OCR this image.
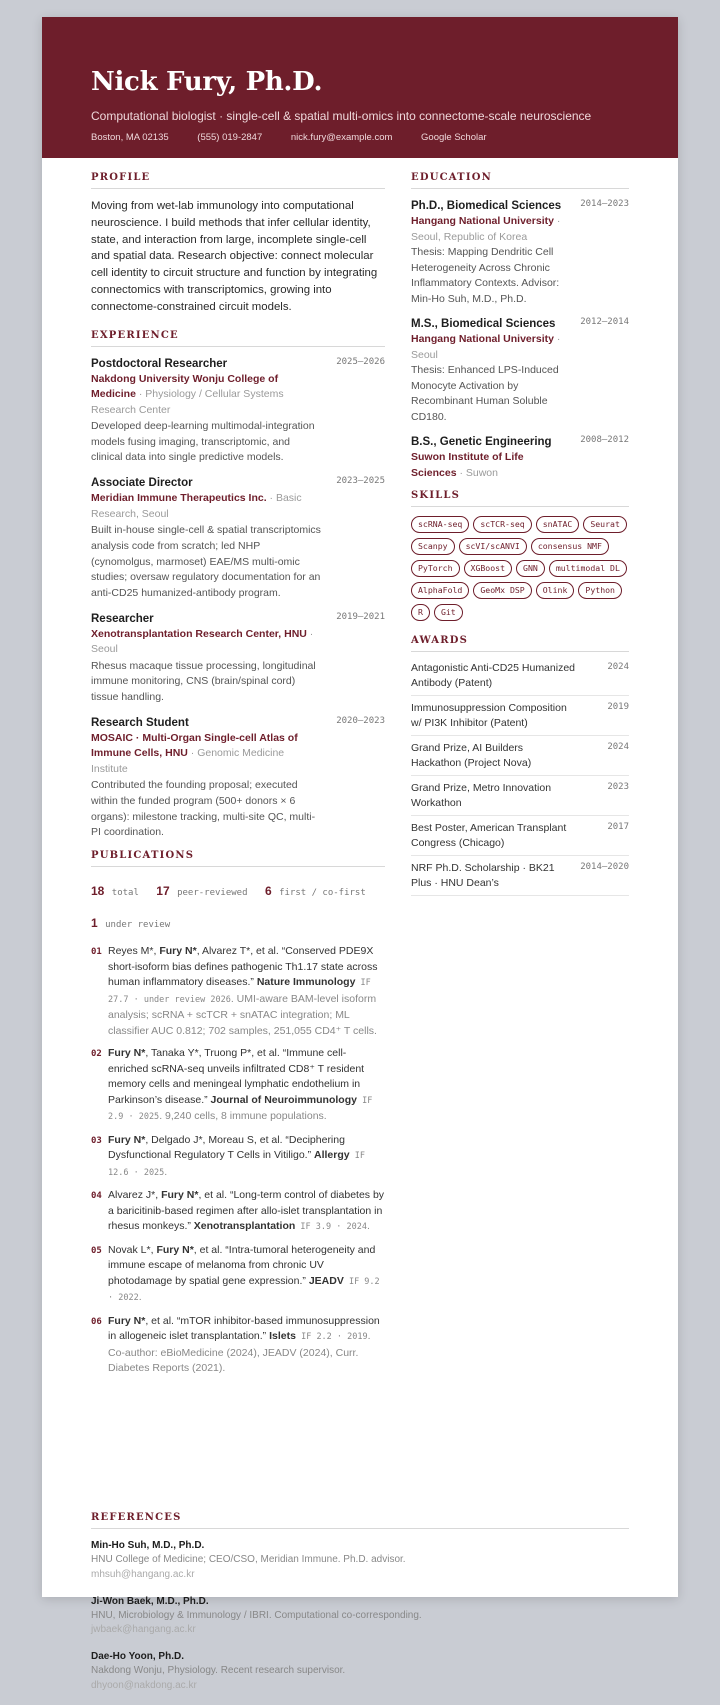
Nick Fury, Ph.D.
Computational biologist · single-cell & spatial multi-omics into connectome-scale neuroscience
Boston, MA 02135	(555) 019-2847	nick.fury@example.com	Google Scholar
PROFILE
Moving from wet-lab immunology into computational neuroscience. I build methods that infer cellular identity, state, and interaction from large, incomplete single-cell and spatial data. Research objective: connect molecular cell identity to circuit structure and function by integrating connectomics with transcriptomics, growing into connectome-constrained circuit models.
EXPERIENCE
Postdoctoral Researcher	2025–2026
Nakdong University Wonju College of Medicine · Physiology / Cellular Systems Research Center
Developed deep-learning multimodal-integration models fusing imaging, transcriptomic, and clinical data into single predictive models.
Associate Director	2023–2025
Meridian Immune Therapeutics Inc. · Basic Research, Seoul
Built in-house single-cell & spatial transcriptomics analysis code from scratch; led NHP (cynomolgus, marmoset) EAE/MS multi-omic studies; oversaw regulatory documentation for an anti-CD25 humanized-antibody program.
Researcher	2019–2021
Xenotransplantation Research Center, HNU · Seoul
Rhesus macaque tissue processing, longitudinal immune monitoring, CNS (brain/spinal cord) tissue handling.
Research Student	2020–2023
MOSAIC · Multi-Organ Single-cell Atlas of Immune Cells, HNU · Genomic Medicine Institute
Contributed the founding proposal; executed within the funded program (500+ donors × 6 organs): milestone tracking, multi-site QC, multi-PI coordination.
PUBLICATIONS
18 total 17 peer-reviewed 6 first / co-first
1 under review
01 Reyes M*, Fury N*, Alvarez T*, et al. “Conserved PDE9X short-isoform bias defines pathogenic Th1.17 state across human inflammatory diseases.” Nature Immunology IF 27.7 · under review 2026. UMI-aware BAM-level isoform analysis; scRNA + scTCR + snATAC integration; ML classifier AUC 0.812; 702 samples, 251,055 CD4⁺ T cells.
02 Fury N*, Tanaka Y*, Truong P*, et al. “Immune cell-enriched scRNA-seq unveils infiltrated CD8⁺ T resident memory cells and meningeal lymphatic endothelium in Parkinson’s disease.” Journal of Neuroimmunology IF 2.9 · 2025. 9,240 cells, 8 immune populations.
03 Fury N*, Delgado J*, Moreau S, et al. “Deciphering Dysfunctional Regulatory T Cells in Vitiligo.” Allergy IF 12.6 · 2025.
04 Alvarez J*, Fury N*, et al. “Long-term control of diabetes by a baricitinib-based regimen after allo-islet transplantation in rhesus monkeys.” Xenotransplantation IF 3.9 · 2024.
05 Novak L*, Fury N*, et al. “Intra-tumoral heterogeneity and immune escape of melanoma from chronic UV photodamage by spatial gene expression.” JEADV IF 9.2 · 2022.
06 Fury N*, et al. “mTOR inhibitor-based immunosuppression in allogeneic islet transplantation.” Islets IF 2.2 · 2019. Co-author: eBioMedicine (2024), JEADV (2024), Curr. Diabetes Reports (2021).
EDUCATION
Ph.D., Biomedical Sciences	2014–2023
Hangang National University · Seoul, Republic of Korea
Thesis: Mapping Dendritic Cell Heterogeneity Across Chronic Inflammatory Contexts. Advisor: Min-Ho Suh, M.D., Ph.D.
M.S., Biomedical Sciences	2012–2014
Hangang National University · Seoul
Thesis: Enhanced LPS-Induced Monocyte Activation by Recombinant Human Soluble CD180.
B.S., Genetic Engineering	2008–2012
Suwon Institute of Life Sciences · Suwon
SKILLS
scRNA-seq	scTCR-seq	snATAC	Seurat
Scanpy	scVI/scANVI	consensus NMF
PyTorch	XGBoost	GNN	multimodal DL
AlphaFold	GeoMx DSP	Olink	Python
R	Git
AWARDS
Antagonistic Anti-CD25 Humanized Antibody (Patent)
2024
Immunosuppression Composition w/ PI3K Inhibitor (Patent)
2019
Grand Prize, AI Builders Hackathon (Project Nova)
2024
Grand Prize, Metro Innovation Workathon
2023
Best Poster, American Transplant Congress (Chicago)
2017
NRF Ph.D. Scholarship · BK21 Plus · HNU Dean’s
2014–2020
REFERENCES
Min-Ho Suh, M.D., Ph.D.
HNU College of Medicine; CEO/CSO, Meridian Immune. Ph.D. advisor.
mhsuh@hangang.ac.kr
Ji-Won Baek, M.D., Ph.D.
HNU, Microbiology & Immunology / IBRI. Computational co-corresponding.
jwbaek@hangang.ac.kr
Dae-Ho Yoon, Ph.D.
Nakdong Wonju, Physiology. Recent research supervisor.
dhyoon@nakdong.ac.kr
